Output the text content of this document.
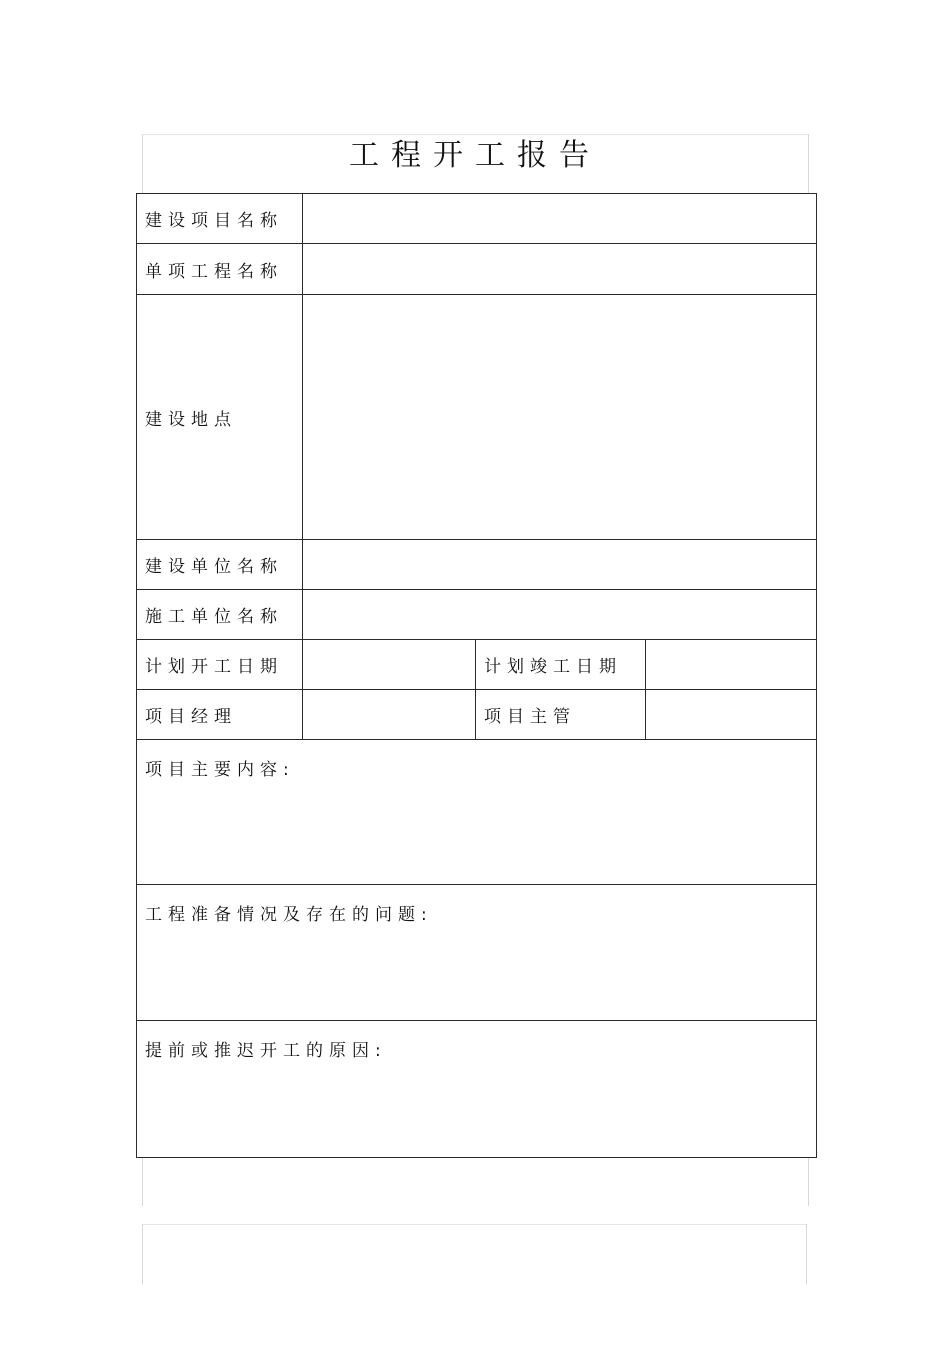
工程开工报告
建设项目名称			
单项工程名称			
建设地点			
建设单位名称			
施工单位名称			
计划开工日期		计划竣工日期	
项目经理		项目主管	
项目主要内容:			
工程准备情况及存在的问题:			
提前或推迟开工的原因:			
